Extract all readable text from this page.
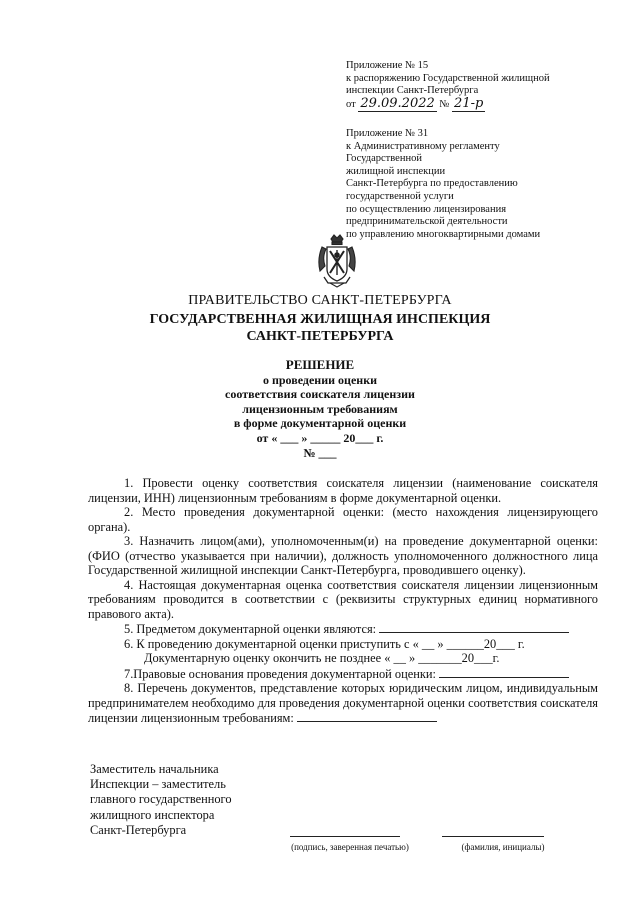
Приложение № 15
к распоряжению Государственной жилищной
инспекции Санкт-Петербурга
от 29.09.2022 № 21-р
Приложение № 31
к Административному регламенту
Государственной
жилищной инспекции
Санкт-Петербурга по предоставлению
государственной услуги
по осуществлению лицензирования
предпринимательской деятельности
по управлению многоквартирными домами
ПРАВИТЕЛЬСТВО САНКТ-ПЕТЕРБУРГА
ГОСУДАРСТВЕННАЯ ЖИЛИЩНАЯ ИНСПЕКЦИЯ
САНКТ-ПЕТЕРБУРГА
РЕШЕНИЕ
о проведении оценки
соответствия соискателя лицензии
лицензионным требованиям
в форме документарной оценки
от « ___ » _____ 20___ г.
№ ___

1. Провести оценку соответствия соискателя лицензии (наименование соискателя лицензии, ИНН) лицензионным требованиям в форме документарной оценки.

2. Место проведения документарной оценки: (место нахождения лицензирующего органа).

3. Назначить лицом(ами), уполномоченным(и) на проведение документарной оценки: (ФИО (отчество указывается при наличии), должность уполномоченного должностного лица Государственной жилищной инспекции Санкт-Петербурга, проводившего оценку).

4. Настоящая документарная оценка соответствия соискателя лицензии лицензионным требованиям проводится в соответствии с (реквизиты структурных единиц нормативного правового акта).

5. Предметом документарной оценки являются:

6. К проведению документарной оценки приступить с « __ » ______20___ г.

Документарную оценку окончить не позднее « __ » _______20___г.

7.Правовые основания проведения документарной оценки:

8. Перечень документов, представление которых юридическим лицом, индивидуальным предпринимателем необходимо для проведения документарной оценки соответствия соискателя лицензии лицензионным требованиям:

Заместитель начальника
Инспекции – заместитель
главного государственного
жилищного инспектора
Санкт-Петербурга
(подпись, заверенная печатью)	(фамилия, инициалы)
